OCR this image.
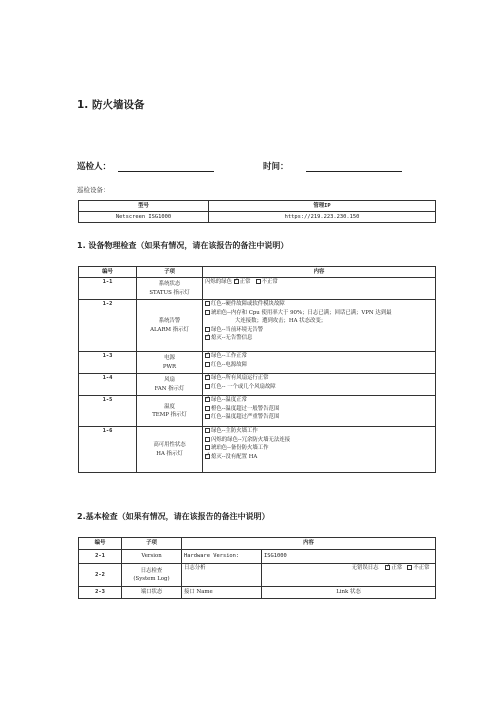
1. 防火墙设备
巡检人：	时间：
巡检设备：
型号	管理IP
Netscreen ISG1000	https://219.223.230.150
1. 设备物理检查（如果有情况，请在该报告的备注中说明）
编号	子项	内容
1-1	系统状态
STATUS 指示灯	闪烁的绿色 ✓ 正常 不正常
1-2	系统告警
ALARM 指示灯	红色--硬件故障或软件模块故障
琥珀色--内存和 Cpu 使用率大于 90%；日志已满；回话已满；VPN 达到最
大连接数；遭到攻击；HA 状态改变；
绿色--当前环境无告警
✓熄灭--无告警信息

1-3	电源
PWR

✓绿色--工作正常
红色--电源故障

1-4	风扇
FAN 指示灯

✓绿色--所有风扇运行正常
红色-- 一个或几个风扇故障

1-5	温度
TEMP 指示灯

✓绿色--温度正常
橙色--温度超过一般警告范围
红色--温度超过严重警告范围

1-6	高可用性状态
HA 指示灯	绿色--主防火墙工作
闪烁的绿色--冗余防火墙无法连接
琥珀色--备份防火墙工作
✓熄灭--没有配置 HA
2.基本检查（如果有情况，请在该报告的备注中说明）
编号	子项	内容	
2-1	Version	Hardware Version:	ISG1000
2-2	日志检查
(System Log)	日志分析	无错误日志 ✓ 正常 不正常
2-3	端口状态	接口 Name	Link 状态
